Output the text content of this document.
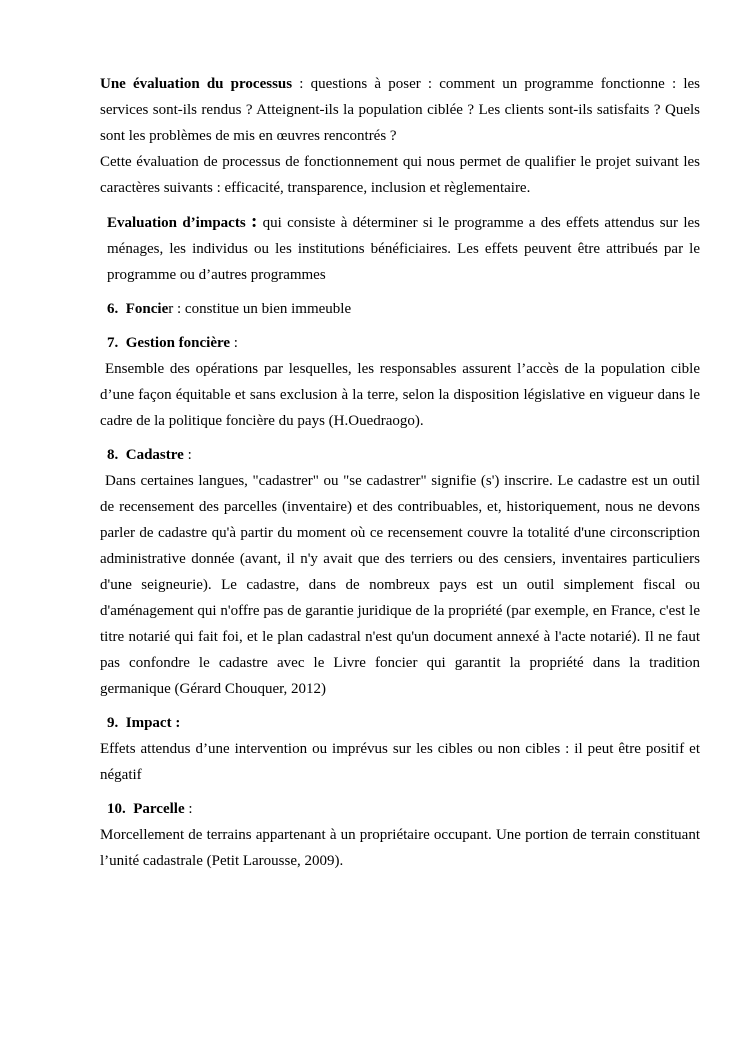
Une évaluation du processus : questions à poser : comment un programme fonctionne : les services sont-ils rendus ? Atteignent-ils la population ciblée ? Les clients sont-ils satisfaits ? Quels sont les problèmes de mis en œuvres rencontrés ?

Cette évaluation de processus de fonctionnement qui nous permet de qualifier le projet suivant les caractères suivants : efficacité, transparence, inclusion et règlementaire.

Evaluation d’impacts : qui consiste à déterminer si le programme a des effets attendus sur les ménages, les individus ou les institutions bénéficiaires. Les effets peuvent être attribués par le programme ou d’autres programmes

6.  Foncier : constitue un bien immeuble

7.  Gestion foncière :

Ensemble des opérations par lesquelles, les responsables assurent l’accès de la population cible d’une façon équitable et sans exclusion à la terre, selon la disposition législative en vigueur dans le cadre de la politique foncière du pays (H.Ouedraogo).

8.  Cadastre :

Dans certaines langues, "cadastrer" ou "se cadastrer" signifie (s') inscrire. Le cadastre est un outil de recensement des parcelles (inventaire) et des contribuables, et, historiquement, nous ne devons parler de cadastre qu'à partir du moment où ce recensement couvre la totalité d'une circonscription administrative donnée (avant, il n'y avait que des terriers ou des censiers, inventaires particuliers d'une seigneurie). Le cadastre, dans de nombreux pays est un outil simplement fiscal ou d'aménagement qui n'offre pas de garantie juridique de la propriété (par exemple, en France, c'est le titre notarié qui fait foi, et le plan cadastral n'est qu'un document annexé à l'acte notarié). Il ne faut pas confondre le cadastre avec le Livre foncier qui garantit la propriété dans la tradition germanique (Gérard Chouquer, 2012)

9.  Impact :

Effets attendus d’une intervention ou imprévus sur les cibles ou non cibles : il peut être positif et négatif

10.  Parcelle :

Morcellement de terrains appartenant à un propriétaire occupant. Une portion de terrain constituant l’unité cadastrale (Petit Larousse, 2009).
